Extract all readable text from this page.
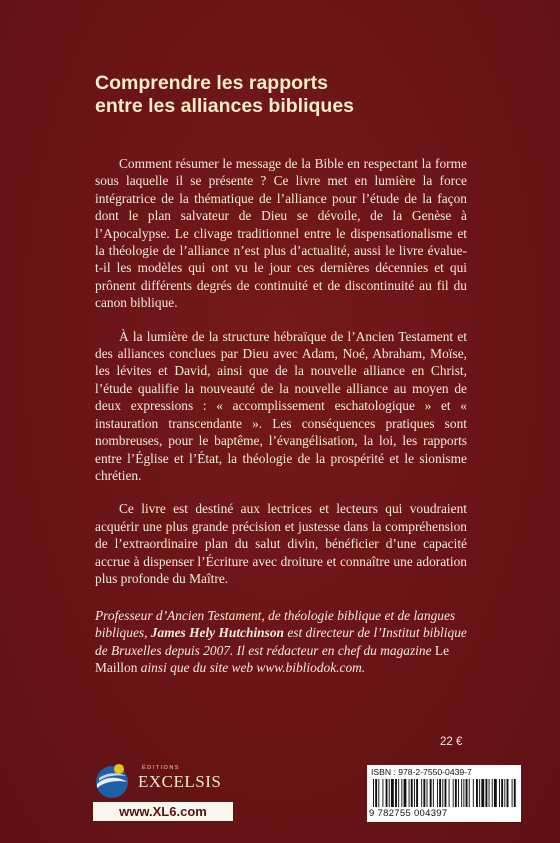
Comprendre les rapports
entre les alliances bibliques

Comment résumer le message de la Bible en respectant la forme sous laquelle il se présente ? Ce livre met en lumière la force intégratrice de la thématique de l’alliance pour l’étude de la façon dont le plan salvateur de Dieu se dévoile, de la Genèse à l’Apocalypse. Le clivage traditionnel entre le dispensationalisme et la théologie de l’alliance n’est plus d’actualité, aussi le livre évalue-t-il les modèles qui ont vu le jour ces dernières décennies et qui prônent différents degrés de continuité et de discontinuité au fil du canon biblique.

À la lumière de la structure hébraïque de l’Ancien Testament et des alliances conclues par Dieu avec Adam, Noé, Abraham, Moïse, les lévites et David, ainsi que de la nouvelle alliance en Christ, l’étude qualifie la nouveauté de la nouvelle alliance au moyen de deux expressions : « accomplissement eschatologique » et « instauration transcendante ». Les conséquences pratiques sont nombreuses, pour le baptême, l’évangélisation, la loi, les rapports entre l’Église et l’État, la théologie de la prospérité et le sionisme chrétien.

Ce livre est destiné aux lectrices et lecteurs qui voudraient acquérir une plus grande précision et justesse dans la compréhension de l’extraordinaire plan du salut divin, bénéficier d’une capacité accrue à dispenser l’Écriture avec droiture et connaître une adoration plus profonde du Maître.

Professeur d’Ancien Testament, de théologie biblique et de langues bibliques, James Hely Hutchinson est directeur de l’Institut biblique de Bruxelles depuis 2007. Il est rédacteur en chef du magazine Le Maillon ainsi que du site web www.bibliodok.com.

22 €
ÉDITIONS
EXCELSIS
www.XL6.com
ISBN : 978-2-7550-0439-7
9 782755 004397
